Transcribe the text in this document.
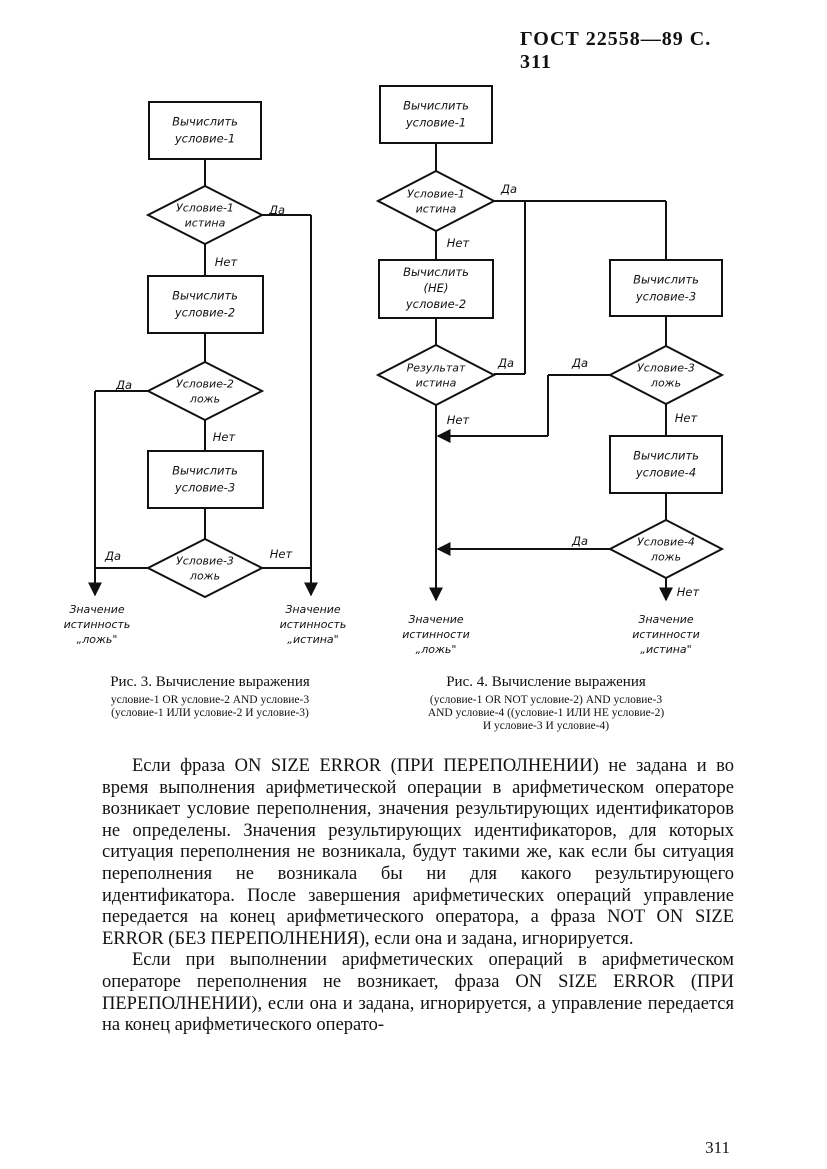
ГОСТ 22558—89 С. 311
Вычислить условие-1
Условие-1 истина
Вычислить условие-2
Условие-2 ложь
Вычислить условие-3
Условие-3 ложь
Да
Нет
Да
Нет
Да	Нет
Значение истинность „ложь"
Значение истинность „истина"
Вычислить условие-1
Условие-1 истина
Вычислить (НЕ) условие-2
Результат истина
Вычислить условие-3
Условие-3 ложь
Вычислить условие-4
Условие-4 ложь
Да
Нет
Да
Нет
Да
Нет
Да
Нет
Значение истинности „ложь"
Значение истинности „истина"
Рис. 3. Вычисление выражения
условие-1 OR условие-2 AND условие-3
(условие-1 ИЛИ условие-2 И условие-3)
Рис. 4. Вычисление выражения
(условие-1 OR NOT условие-2) AND условие-3
AND условие-4 ((условие-1 ИЛИ НЕ условие-2)
И условие-3 И условие-4)

Если фраза ON SIZE ERROR (ПРИ ПЕРЕПОЛНЕНИИ) не задана и во время выполнения арифметической операции в арифметическом операторе возникает условие переполнения, значения результирующих идентификаторов не определены. Значения результирующих идентификаторов, для которых ситуация переполнения не возникала, будут такими же, как если бы ситуация переполнения не возникала бы ни для какого результирующего идентификатора. После завершения арифметических операций управление передается на конец арифметического оператора, а фраза NOT ON SIZE ERROR (БЕЗ ПЕРЕПОЛНЕНИЯ), если она и задана, игнорируется.

Если при выполнении арифметических операций в арифметическом операторе переполнения не возникает, фраза ON SIZE ERROR (ПРИ ПЕРЕПОЛНЕНИИ), если она и задана, игнорируется, а управление передается на конец арифметического операто-

311
